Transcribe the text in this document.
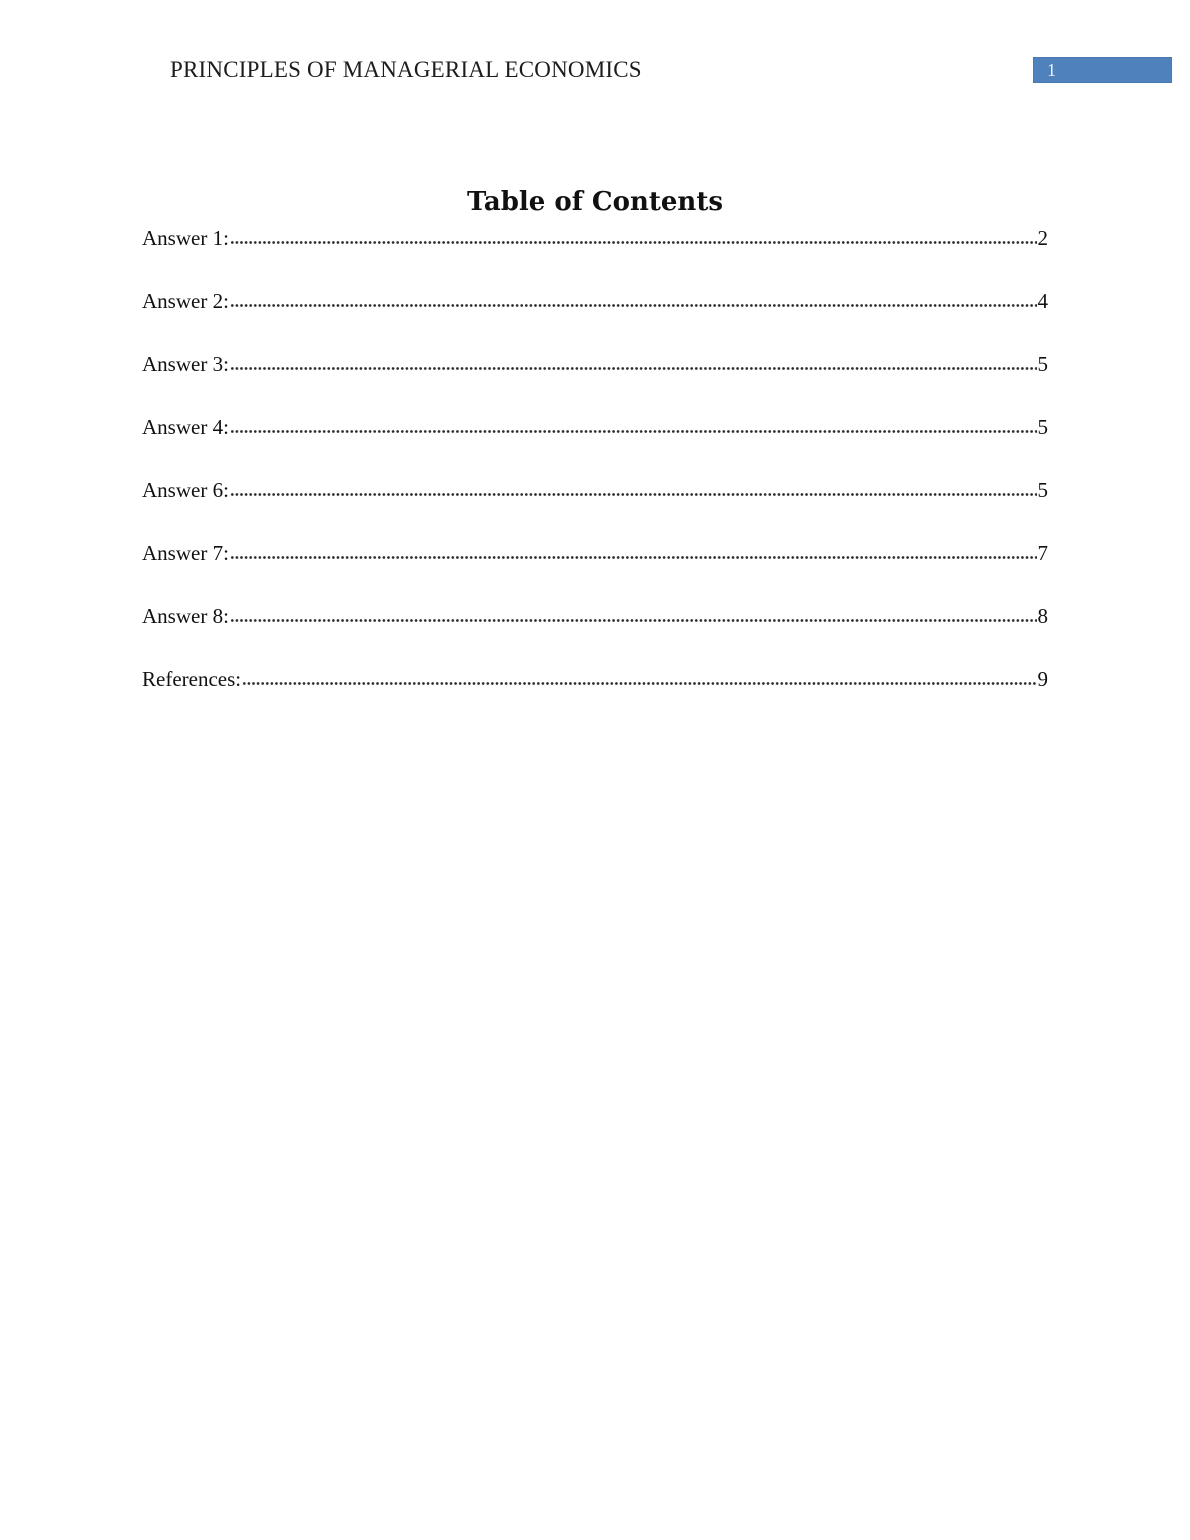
PRINCIPLES OF MANAGERIAL ECONOMICS	1
Table of Contents
Answer 1:	2
Answer 2:	4
Answer 3:	5
Answer 4:	5
Answer 6:	5
Answer 7:	7
Answer 8:	8
References:	9
